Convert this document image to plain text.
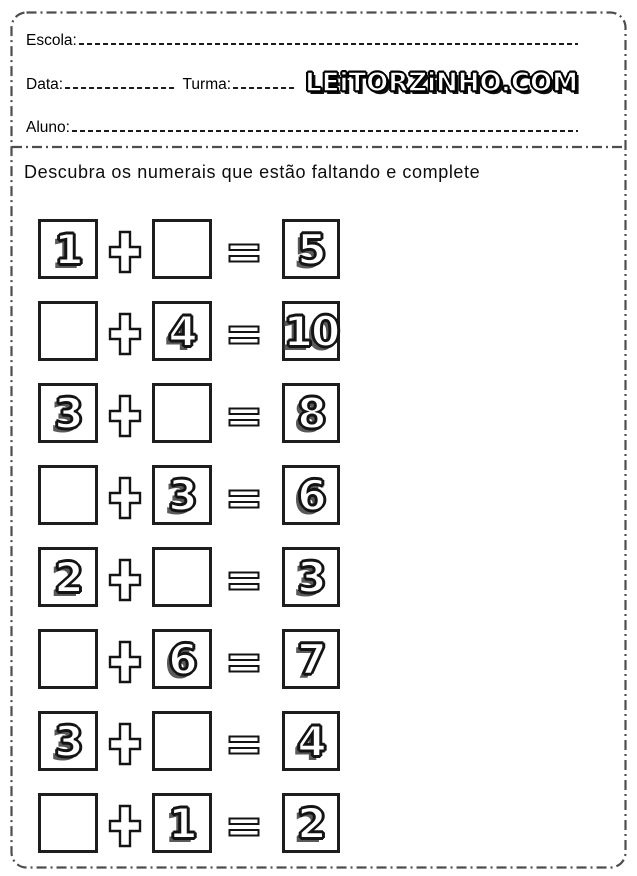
Escola:
Data:	Turma:	LEiTORZiNHO.COM
Aluno:
Descubra os numerais que estão faltando e complete
1	5
4 10
3	8
3 6
2	3
6 7
3	4
1 2
